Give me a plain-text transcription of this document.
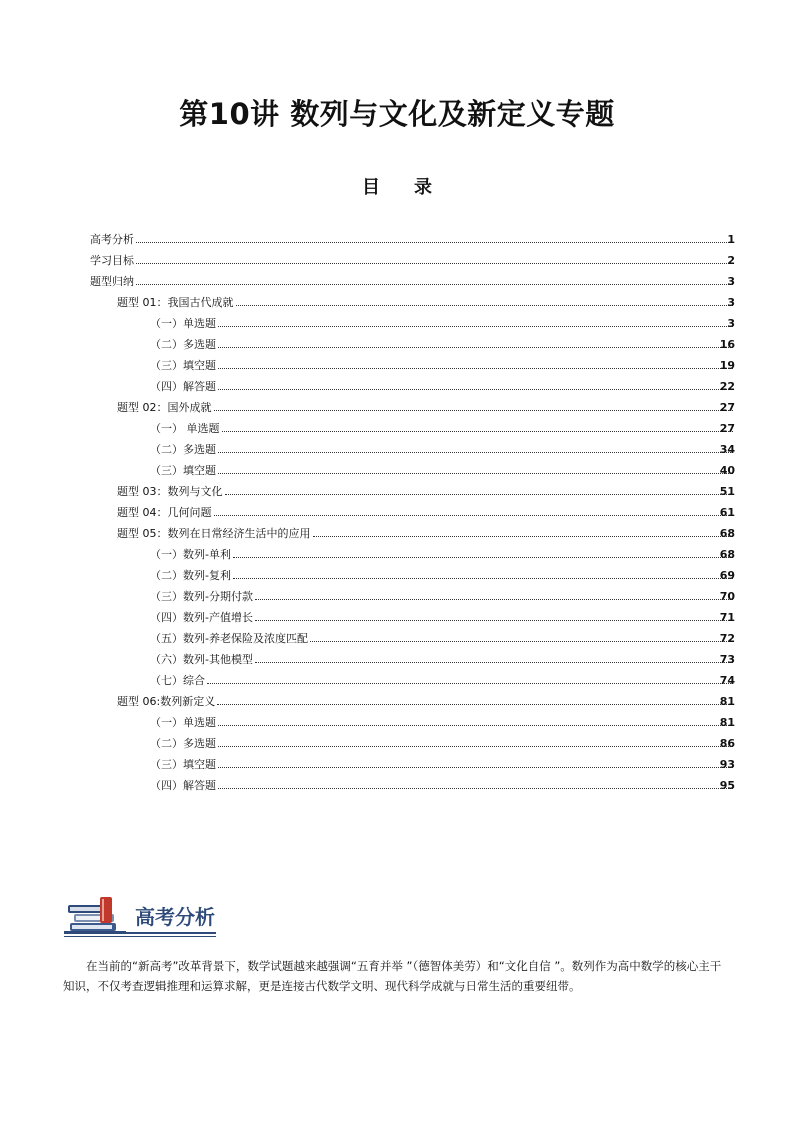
第10讲 数列与文化及新定义专题
目录
高考分析	1
学习目标	2
题型归纳	3
题型 01：我国古代成就	3
（一）单选题	3
（二）多选题	16
（三）填空题	19
（四）解答题	22
题型 02：国外成就	27
（一） 单选题	27
（二）多选题	34
（三）填空题	40
题型 03：数列与文化	51
题型 04：几何问题	61
题型 05：数列在日常经济生活中的应用	68
（一）数列-单利	68
（二）数列-复利	69
（三）数列-分期付款	70
（四）数列-产值增长	71
（五）数列-养老保险及浓度匹配	72
（六）数列-其他模型	73
（七）综合	74
题型 06:数列新定义	81
（一）单选题	81
（二）多选题	86
（三）填空题	93
（四）解答题	95
高考分析
在当前的“新高考”改革背景下，数学试题越来越强调“五育并举 ”（德智体美劳）和“文化自信 ”。数列作为高中数学的核心主干知识，不仅考查逻辑推理和运算求解，更是连接古代数学文明、现代科学成就与日常生活的重要纽带。
